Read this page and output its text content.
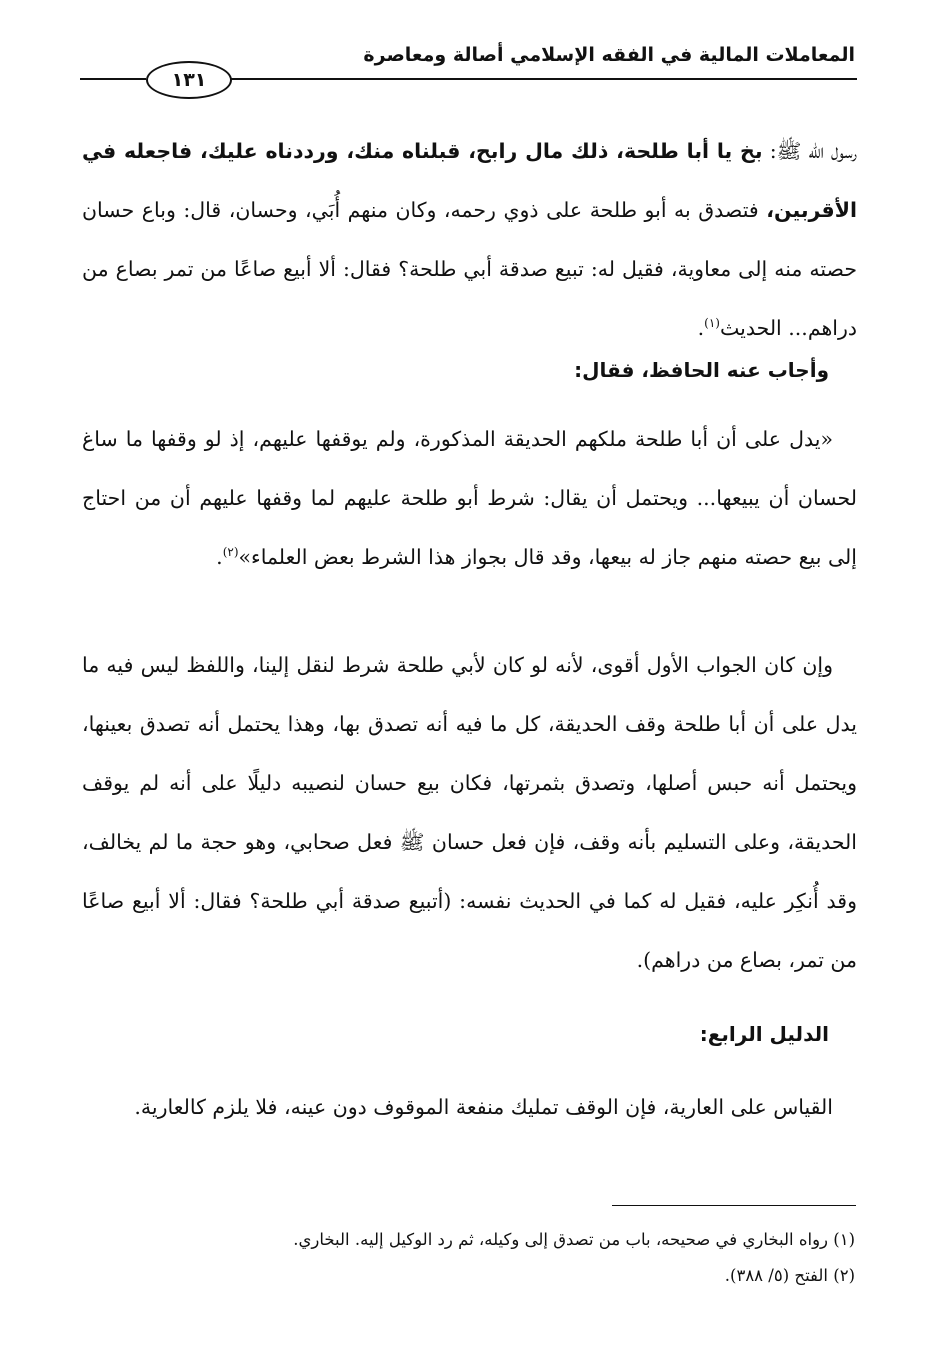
المعاملات المالية في الفقه الإسلامي أصالة ومعاصرة
١٣١

رسول الله ﷺ: بخ يا أبا طلحة، ذلك مال رابح، قبلناه منك، ورددناه عليك، فاجعله في الأقربين، فتصدق به أبو طلحة على ذوي رحمه، وكان منهم أُبَي، وحسان، قال: وباع حسان حصته منه إلى معاوية، فقيل له: تبيع صدقة أبي طلحة؟ فقال: ألا أبيع صاعًا من تمر بصاع من دراهم... الحديث$^{(١)}$.

وأجاب عنه الحافظ، فقال:

«يدل على أن أبا طلحة ملكهم الحديقة المذكورة، ولم يوقفها عليهم، إذ لو وقفها ما ساغ لحسان أن يبيعها... ويحتمل أن يقال: شرط أبو طلحة عليهم لما وقفها عليهم أن من احتاج إلى بيع حصته منهم جاز له بيعها، وقد قال بجواز هذا الشرط بعض العلماء»$^{(٢)}$.

وإن كان الجواب الأول أقوى، لأنه لو كان لأبي طلحة شرط لنقل إلينا، واللفظ ليس فيه ما يدل على أن أبا طلحة وقف الحديقة، كل ما فيه أنه تصدق بها، وهذا يحتمل أنه تصدق بعينها، ويحتمل أنه حبس أصلها، وتصدق بثمرتها، فكان بيع حسان لنصيبه دليلًا على أنه لم يوقف الحديقة، وعلى التسليم بأنه وقف، فإن فعل حسان ﷺ فعل صحابي، وهو حجة ما لم يخالف، وقد أُنكِر عليه، فقيل له كما في الحديث نفسه: (أتبيع صدقة أبي طلحة؟ فقال: ألا أبيع صاعًا من تمر، بصاع من دراهم).

الدليل الرابع:

القياس على العارية، فإن الوقف تمليك منفعة الموقوف دون عينه، فلا يلزم كالعارية.

(١) رواه البخاري في صحيحه، باب من تصدق إلى وكيله، ثم رد الوكيل إليه. البخاري.
(٢) الفتح (٥/ ٣٨٨).
